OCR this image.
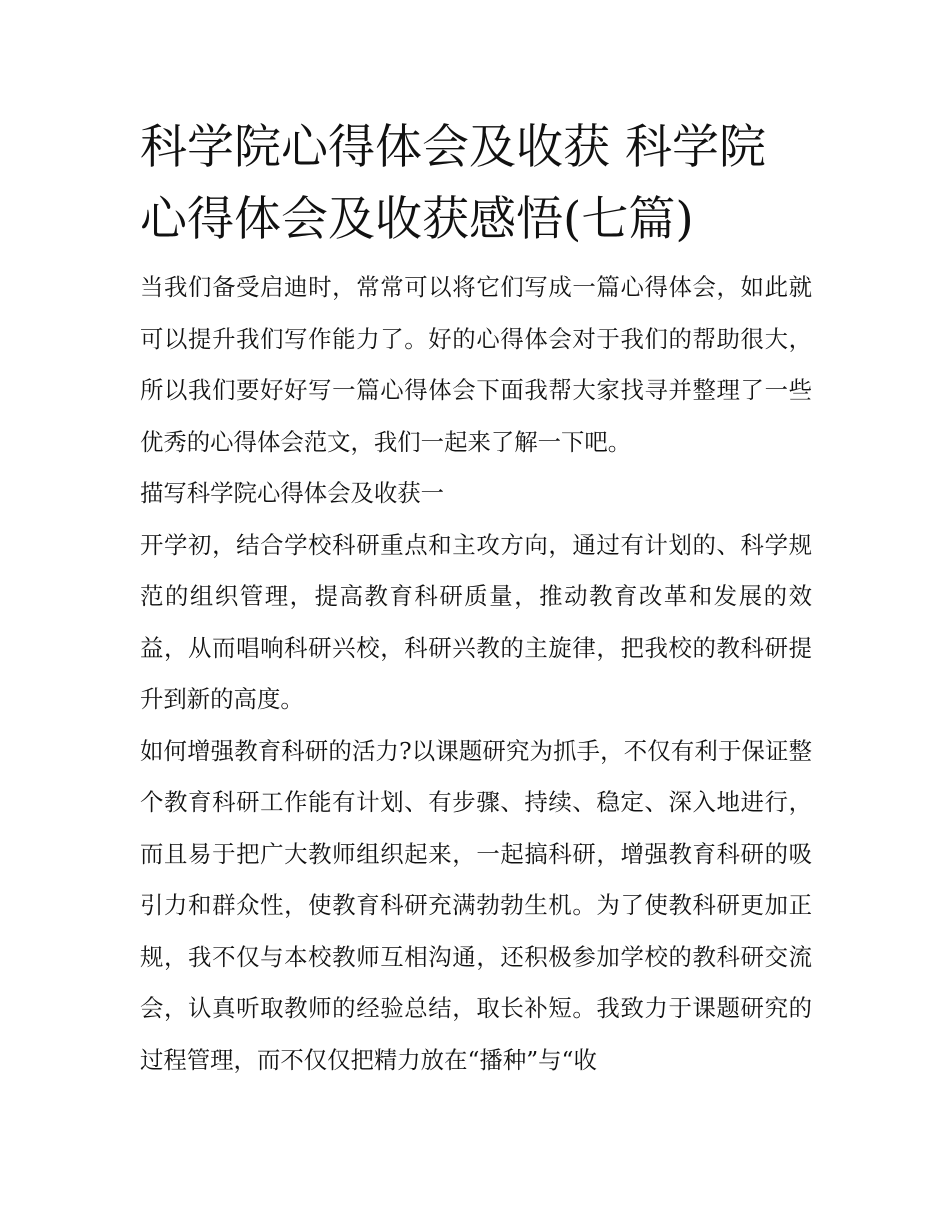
科学院心得体会及收获 科学院心得体会及收获感悟(七篇)

当我们备受启迪时，常常可以将它们写成一篇心得体会，如此就可以提升我们写作能力了。好的心得体会对于我们的帮助很大，所以我们要好好写一篇心得体会下面我帮大家找寻并整理了一些优秀的心得体会范文，我们一起来了解一下吧。

描写科学院心得体会及收获一

开学初，结合学校科研重点和主攻方向，通过有计划的、科学规范的组织管理，提高教育科研质量，推动教育改革和发展的效益，从而唱响科研兴校，科研兴教的主旋律，把我校的教科研提升到新的高度。

如何增强教育科研的活力?以课题研究为抓手，不仅有利于保证整个教育科研工作能有计划、有步骤、持续、稳定、深入地进行，而且易于把广大教师组织起来，一起搞科研，增强教育科研的吸引力和群众性，使教育科研充满勃勃生机。为了使教科研更加正规，我不仅与本校教师互相沟通，还积极参加学校的教科研交流会，认真听取教师的经验总结，取长补短。我致力于课题研究的过程管理，而不仅仅把精力放在“播种”与“收
